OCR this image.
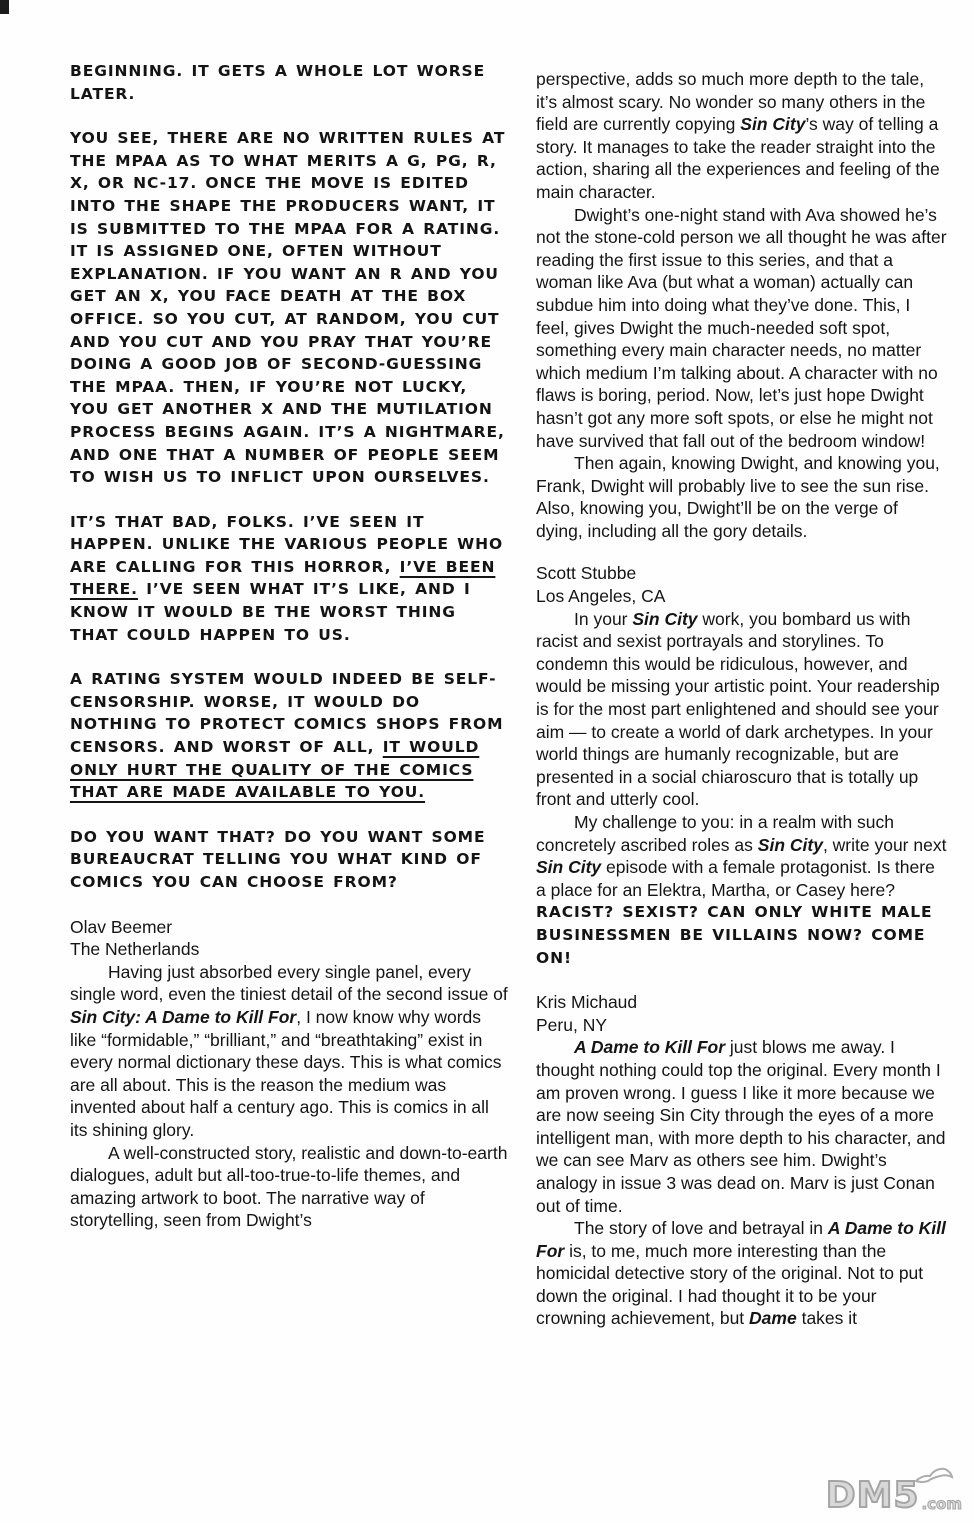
BEGINNING. IT GETS A WHOLE LOT WORSE LATER.
YOU SEE, THERE ARE NO WRITTEN RULES AT THE MPAA AS TO WHAT MERITS A G, PG, R, X, OR NC-17. ONCE THE MOVE IS EDITED INTO THE SHAPE THE PRODUCERS WANT, IT IS SUBMITTED TO THE MPAA FOR A RATING. IT IS ASSIGNED ONE, OFTEN WITHOUT EXPLANATION. IF YOU WANT AN R AND YOU GET AN X, YOU FACE DEATH AT THE BOX OFFICE. SO YOU CUT, AT RANDOM, YOU CUT AND YOU CUT AND YOU PRAY THAT YOU’RE DOING A GOOD JOB OF SECOND-GUESSING THE MPAA. THEN, IF YOU’RE NOT LUCKY, YOU GET ANOTHER X AND THE MUTILATION PROCESS BEGINS AGAIN. IT’S A NIGHTMARE, AND ONE THAT A NUMBER OF PEOPLE SEEM TO WISH US TO INFLICT UPON OURSELVES.
IT’S THAT BAD, FOLKS. I’VE SEEN IT HAPPEN. UNLIKE THE VARIOUS PEOPLE WHO ARE CALLING FOR THIS HORROR, I’VE BEEN THERE. I’VE SEEN WHAT IT’S LIKE, AND I KNOW IT WOULD BE THE WORST THING THAT COULD HAPPEN TO US.
A RATING SYSTEM WOULD INDEED BE SELF-CENSORSHIP. WORSE, IT WOULD DO NOTHING TO PROTECT COMICS SHOPS FROM CENSORS. AND WORST OF ALL, IT WOULD ONLY HURT THE QUALITY OF THE COMICS THAT ARE MADE AVAILABLE TO YOU.
DO YOU WANT THAT? DO YOU WANT SOME BUREAUCRAT TELLING YOU WHAT KIND OF COMICS YOU CAN CHOOSE FROM?
Olav Beemer
The Netherlands
Having just absorbed every single panel, every single word, even the tiniest detail of the second issue of Sin City: A Dame to Kill For, I now know why words like “formidable,” “brilliant,” and “breathtaking” exist in every normal dictionary these days. This is what comics are all about. This is the reason the medium was invented about half a century ago. This is comics in all its shining glory.
A well-constructed story, realistic and down-to-earth dialogues, adult but all-too-true-to-life themes, and amazing artwork to boot. The narrative way of storytelling, seen from Dwight’s
perspective, adds so much more depth to the tale, it’s almost scary. No wonder so many others in the field are currently copying Sin City’s way of telling a story. It manages to take the reader straight into the action, sharing all the experiences and feeling of the main character.
Dwight’s one-night stand with Ava showed he’s not the stone-cold person we all thought he was after reading the first issue to this series, and that a woman like Ava (but what a woman) actually can subdue him into doing what they’ve done. This, I feel, gives Dwight the much-needed soft spot, something every main character needs, no matter which medium I’m talking about. A character with no flaws is boring, period. Now, let’s just hope Dwight hasn’t got any more soft spots, or else he might not have survived that fall out of the bedroom window!
Then again, knowing Dwight, and knowing you, Frank, Dwight will probably live to see the sun rise. Also, knowing you, Dwight’ll be on the verge of dying, including all the gory details.
Scott Stubbe
Los Angeles, CA
In your Sin City work, you bombard us with racist and sexist portrayals and storylines. To condemn this would be ridiculous, however, and would be missing your artistic point. Your readership is for the most part enlightened and should see your aim — to create a world of dark archetypes. In your world things are humanly recognizable, but are presented in a social chiaroscuro that is totally up front and utterly cool.
My challenge to you: in a realm with such concretely ascribed roles as Sin City, write your next Sin City episode with a female protagonist. Is there a place for an Elektra, Martha, or Casey here?
RACIST? SEXIST? CAN ONLY WHITE MALE BUSINESSMEN BE VILLAINS NOW? COME ON!
Kris Michaud
Peru, NY
A Dame to Kill For just blows me away. I thought nothing could top the original. Every month I am proven wrong. I guess I like it more because we are now seeing Sin City through the eyes of a more intelligent man, with more depth to his character, and we can see Marv as others see him. Dwight’s analogy in issue 3 was dead on. Marv is just Conan out of time.
The story of love and betrayal in A Dame to Kill For is, to me, much more interesting than the homicidal detective story of the original. Not to put down the original. I had thought it to be your crowning achievement, but Dame takes it
DM5 .com
